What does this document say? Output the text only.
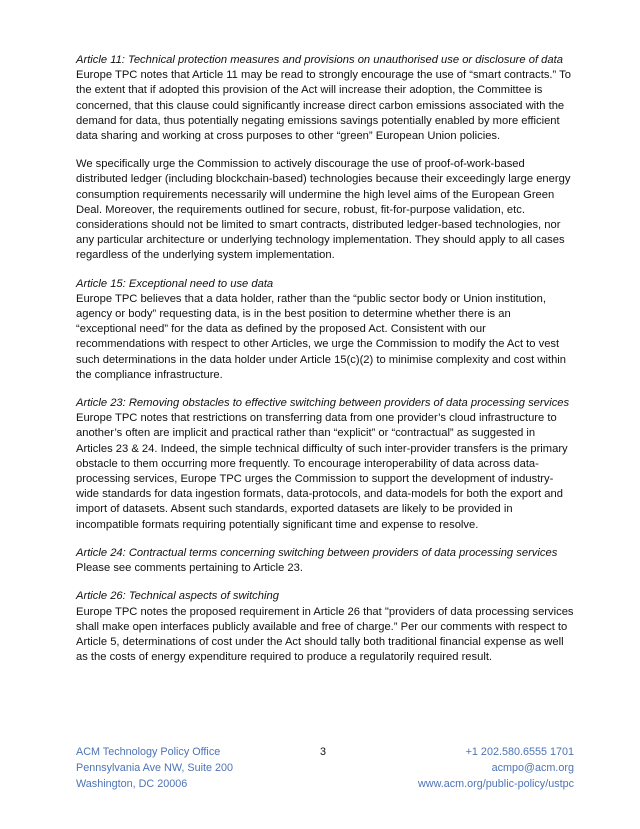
Article 11: Technical protection measures and provisions on unauthorised use or disclosure of data
Europe TPC notes that Article 11 may be read to strongly encourage the use of “smart contracts.” To the extent that if adopted this provision of the Act will increase their adoption, the Committee is concerned, that this clause could significantly increase direct carbon emissions associated with the demand for data, thus potentially negating emissions savings potentially enabled by more efficient data sharing and working at cross purposes to other “green” European Union policies.
We specifically urge the Commission to actively discourage the use of proof-of-work-based distributed ledger (including blockchain-based) technologies because their exceedingly large energy consumption requirements necessarily will undermine the high level aims of the European Green Deal. Moreover, the requirements outlined for secure, robust, fit-for-purpose validation, etc. considerations should not be limited to smart contracts, distributed ledger-based technologies, nor any particular architecture or underlying technology implementation. They should apply to all cases regardless of the underlying system implementation.
Article 15: Exceptional need to use data
Europe TPC believes that a data holder, rather than the “public sector body or Union institution, agency or body” requesting data, is in the best position to determine whether there is an “exceptional need” for the data as defined by the proposed Act. Consistent with our recommendations with respect to other Articles, we urge the Commission to modify the Act to vest such determinations in the data holder under Article 15(c)(2) to minimise complexity and cost within the compliance infrastructure.
Article 23: Removing obstacles to effective switching between providers of data processing services
Europe TPC notes that restrictions on transferring data from one provider’s cloud infrastructure to another’s often are implicit and practical rather than “explicit” or “contractual” as suggested in Articles 23 & 24. Indeed, the simple technical difficulty of such inter-provider transfers is the primary obstacle to them occurring more frequently. To encourage interoperability of data across data-processing services, Europe TPC urges the Commission to support the development of industry-wide standards for data ingestion formats, data-protocols, and data-models for both the export and import of datasets. Absent such standards, exported datasets are likely to be provided in incompatible formats requiring potentially significant time and expense to resolve.
Article 24: Contractual terms concerning switching between providers of data processing services
Please see comments pertaining to Article 23.
Article 26: Technical aspects of switching
Europe TPC notes the proposed requirement in Article 26 that "providers of data processing services shall make open interfaces publicly available and free of charge.” Per our comments with respect to Article 5, determinations of cost under the Act should tally both traditional financial expense as well as the costs of energy expenditure required to produce a regulatorily required result.
ACM Technology Policy Office
Pennsylvania Ave NW, Suite 200
Washington, DC 20006
3	+1 202.580.6555 1701
acmpo@acm.org
www.acm.org/public-policy/ustpc
